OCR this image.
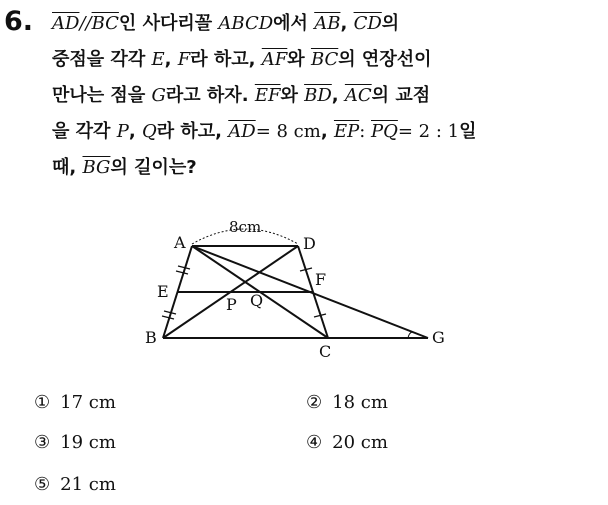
6. $\overline{AD}//\overline{BC}$인 사다리꼴 ABCD에서 $\overline{AB}$, $\overline{CD}$의
중점을 각각 E, F라 하고, $\overline{AF}$와 $\overline{BC}$의 연장선이
만나는 점을 G라고 하자. $\overline{EF}$와 $\overline{BD}$, $\overline{AC}$의 교점
을 각각 P, Q라 하고, $\overline{AD}= 8$ cm, $\overline{EP}$: $\overline{PQ}= 2$ : 1일
때, $\overline{BG}$의 길이는?
A	D
E
F
P Q
B
C
G
8cm
① 17 cm	② 18 cm
③ 19 cm	④ 20 cm
⑤ 21 cm
